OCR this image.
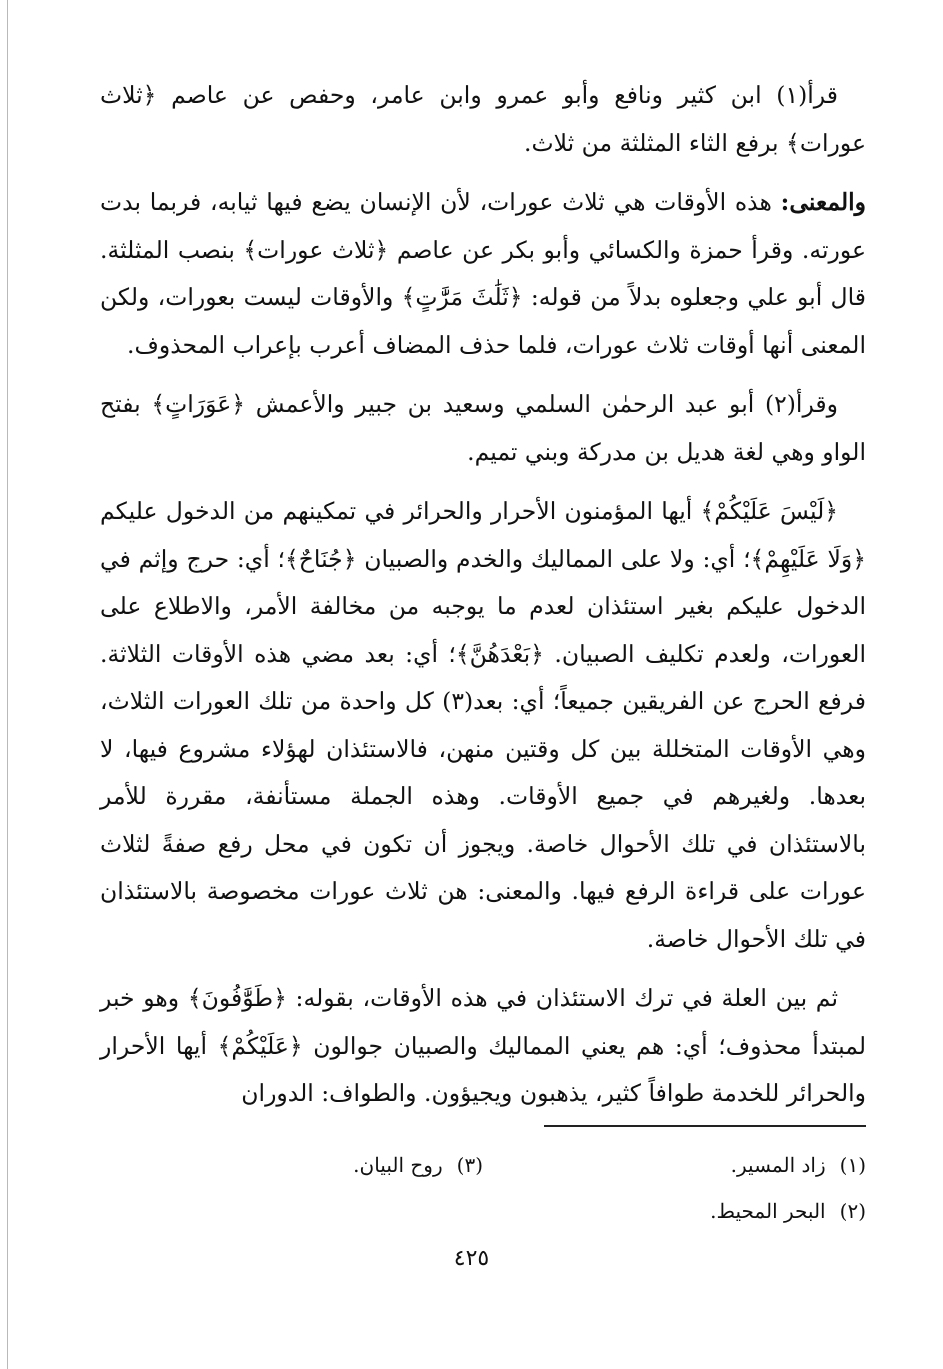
قرأ(١) ابن كثير ونافع وأبو عمرو وابن عامر، وحفص عن عاصم ﴿ثلاث عورات﴾ برفع الثاء المثلثة من ثلاث.

والمعنى: هذه الأوقات هي ثلاث عورات، لأن الإنسان يضع فيها ثيابه، فربما بدت عورته. وقرأ حمزة والكسائي وأبو بكر عن عاصم ﴿ثلاث عورات﴾ بنصب المثلثة. قال أبو علي وجعلوه بدلاً من قوله: ﴿ثَلَٰثَ مَرَّٰتٍ﴾ والأوقات ليست بعورات، ولكن المعنى أنها أوقات ثلاث عورات، فلما حذف المضاف أعرب بإعراب المحذوف.

وقرأ(٢) أبو عبد الرحمٰن السلمي وسعيد بن جبير والأعمش ﴿عَوَرَاتٍ﴾ بفتح الواو وهي لغة هديل بن مدركة وبني تميم.

﴿لَيْسَ عَلَيْكُمْ﴾ أيها المؤمنون الأحرار والحرائر في تمكينهم من الدخول عليكم ﴿وَلَا عَلَيْهِمْ﴾؛ أي: ولا على المماليك والخدم والصبيان ﴿جُنَاحٌ﴾؛ أي: حرج وإثم في الدخول عليكم بغير استئذان لعدم ما يوجبه من مخالفة الأمر، والاطلاع على العورات، ولعدم تكليف الصبيان. ﴿بَعْدَهُنَّ﴾؛ أي: بعد مضي هذه الأوقات الثلاثة. فرفع الحرج عن الفريقين جميعاً؛ أي: بعد(٣) كل واحدة من تلك العورات الثلاث، وهي الأوقات المتخللة بين كل وقتين منهن، فالاستئذان لهؤلاء مشروع فيها، لا بعدها. ولغيرهم في جميع الأوقات. وهذه الجملة مستأنفة، مقررة للأمر بالاستئذان في تلك الأحوال خاصة. ويجوز أن تكون في محل رفع صفةً لثلاث عورات على قراءة الرفع فيها. والمعنى: هن ثلاث عورات مخصوصة بالاستئذان في تلك الأحوال خاصة.

ثم بين العلة في ترك الاستئذان في هذه الأوقات، بقوله: ﴿طَوَّٰفُونَ﴾ وهو خبر لمبتدأ محذوف؛ أي: هم يعني المماليك والصبيان جوالون ﴿عَلَيْكُمْ﴾ أيها الأحرار والحرائر للخدمة طوافاً كثير، يذهبون ويجيؤون. والطواف: الدوران

(١)زاد المسير.
(٣)روح البيان.
(٢)البحر المحيط.
٤٢٥
